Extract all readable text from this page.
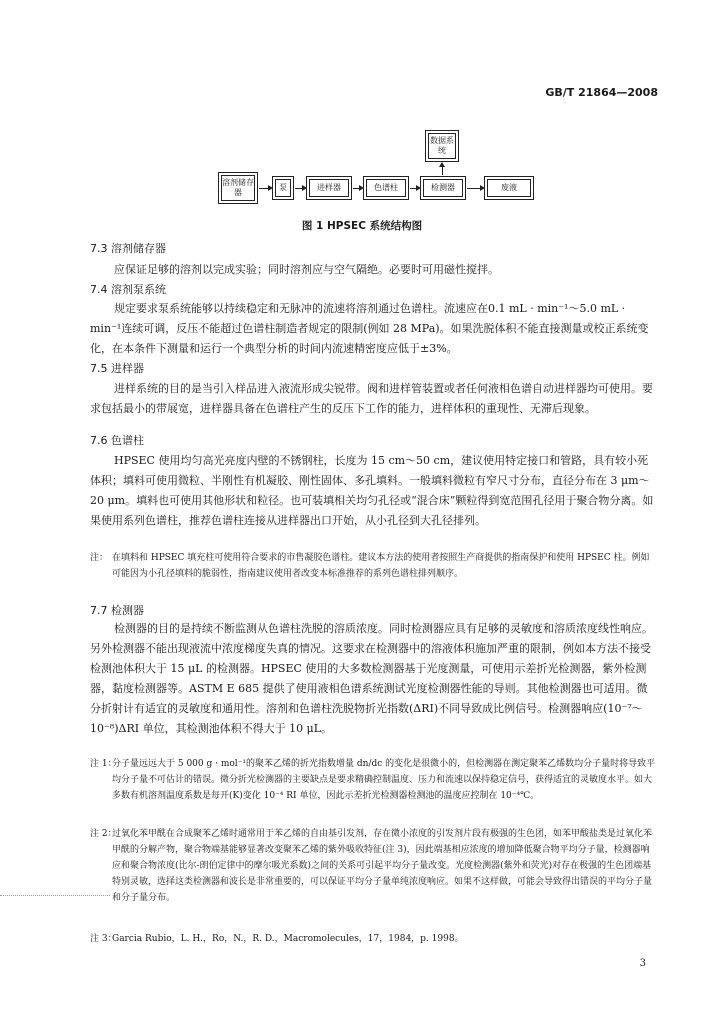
GB/T 21864—2008
溶剂储存器
泵	进样器	色谱柱	检测器	废液
数据系统
图 1 HPSEC 系统结构图
7.3 溶剂储存器
应保证足够的溶剂以完成实验；同时溶剂应与空气隔绝。必要时可用磁性搅拌。
7.4 溶剂泵系统
规定要求泵系统能够以持续稳定和无脉冲的流速将溶剂通过色谱柱。流速应在0.1 mL · min⁻¹～5.0 mL · min⁻¹连续可调，反压不能超过色谱柱制造者规定的限制(例如 28 MPa)。如果洗脱体积不能直接测量或校正系统变化，在本条件下测量和运行一个典型分析的时间内流速精密度应低于±3%。
7.5 进样器
进样系统的目的是当引入样品进入液流形成尖锐带。阀和进样管装置或者任何液相色谱自动进样器均可使用。要求包括最小的带展宽，进样器具备在色谱柱产生的反压下工作的能力，进样体积的重现性、无滞后现象。
7.6 色谱柱
HPSEC 使用均匀高光亮度内壁的不锈钢柱，长度为 15 cm～50 cm，建议使用特定接口和管路，具有较小死体积；填料可使用微粒、半刚性有机凝胶、刚性固体、多孔填料。一般填料微粒有窄尺寸分布，直径分布在 3 μm～20 μm。填料也可使用其他形状和粒径。也可装填相关均匀孔径或“混合床”颗粒得到宽范围孔径用于聚合物分离。如果使用系列色谱柱，推荐色谱柱连接从进样器出口开始，从小孔径到大孔径排列。
注： 在填料和 HPSEC 填充柱可使用符合要求的市售凝胶色谱柱。建议本方法的使用者按照生产商提供的指南保护和使用 HPSEC 柱。例如可能因为小孔径填料的脆弱性，指南建议使用者改变本标准推荐的系列色谱柱排列顺序。
7.7 检测器
检测器的目的是持续不断监测从色谱柱洗脱的溶质浓度。同时检测器应具有足够的灵敏度和溶质浓度线性响应。另外检测器不能出现液流中浓度梯度失真的情况。这要求在检测器中的溶液体积施加严重的限制，例如本方法不接受检测池体积大于 15 μL 的检测器。HPSEC 使用的大多数检测器基于光度测量，可使用示差折光检测器，紫外检测器，黏度检测器等。ASTM E 685 提供了使用液相色谱系统测试光度检测器性能的导则。其他检测器也可适用。微分折射计有适宜的灵敏度和通用性。溶剂和色谱柱洗脱物折光指数(ΔRI)不同导致成比例信号。检测器响应(10⁻⁷～10⁻⁸)ΔRI 单位，其检测池体积不得大于 10 μL。
注 1：
分子量远远大于 5 000 g · mol⁻¹的聚苯乙烯的折光指数增量 dn/dc 的变化是很微小的，但检测器在测定聚苯乙烯数均分子量时将导致平均分子量不可估计的错误。微分折光检测器的主要缺点是要求精确控制温度、压力和流速以保持稳定信号，获得适宜的灵敏度水平。如大多数有机溶剂温度系数是每开(K)变化 10⁻⁴ RI 单位，因此示差折光检测器检测池的温度应控制在 10⁻⁴℃。
注 2：
过氧化苯甲酰在合成聚苯乙烯时通常用于苯乙烯的自由基引发剂，存在微小浓度的引发剂片段有极强的生色团，如苯甲酸盐类是过氧化苯甲酰的分解产物，聚合物端基能够显著改变聚苯乙烯的紫外吸收特征(注 3)，因此端基相应浓度的增加降低聚合物平均分子量，检测器响应和聚合物浓度(比尔-朗伯定律中的摩尔吸光系数)之间的关系可引起平均分子量改变。光度检测器(紫外和荧光)对存在极强的生色团端基特别灵敏，选择这类检测器和波长是非常重要的，可以保证平均分子量单纯浓度响应。如果不这样做，可能会导致得出错误的平均分子量和分子量分布。
注 3：
Garcia Rubio，L. H.，Ro，N.，R. D.，Macromolecules，17，1984，p. 1998。
3
